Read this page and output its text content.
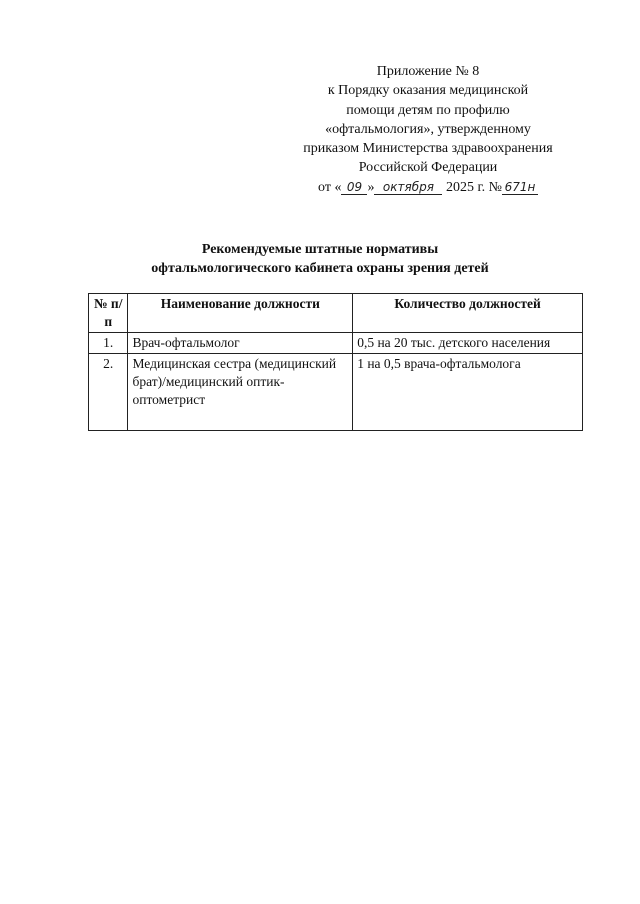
Приложение № 8
к Порядку оказания медицинской
помощи детям по профилю
«офтальмология», утвержденному
приказом Министерства здравоохранения
Российской Федерации
от « 09 » октября 2025 г. № 671н
Рекомендуемые штатные нормативы
офтальмологического кабинета охраны зрения детей
№ п/п	Наименование должности	Количество должностей
1.	Врач-офтальмолог	0,5 на 20 тыс. детского населения
2.	Медицинская сестра (медицинский брат)/медицинский оптик-оптометрист	1 на 0,5 врача-офтальмолога
